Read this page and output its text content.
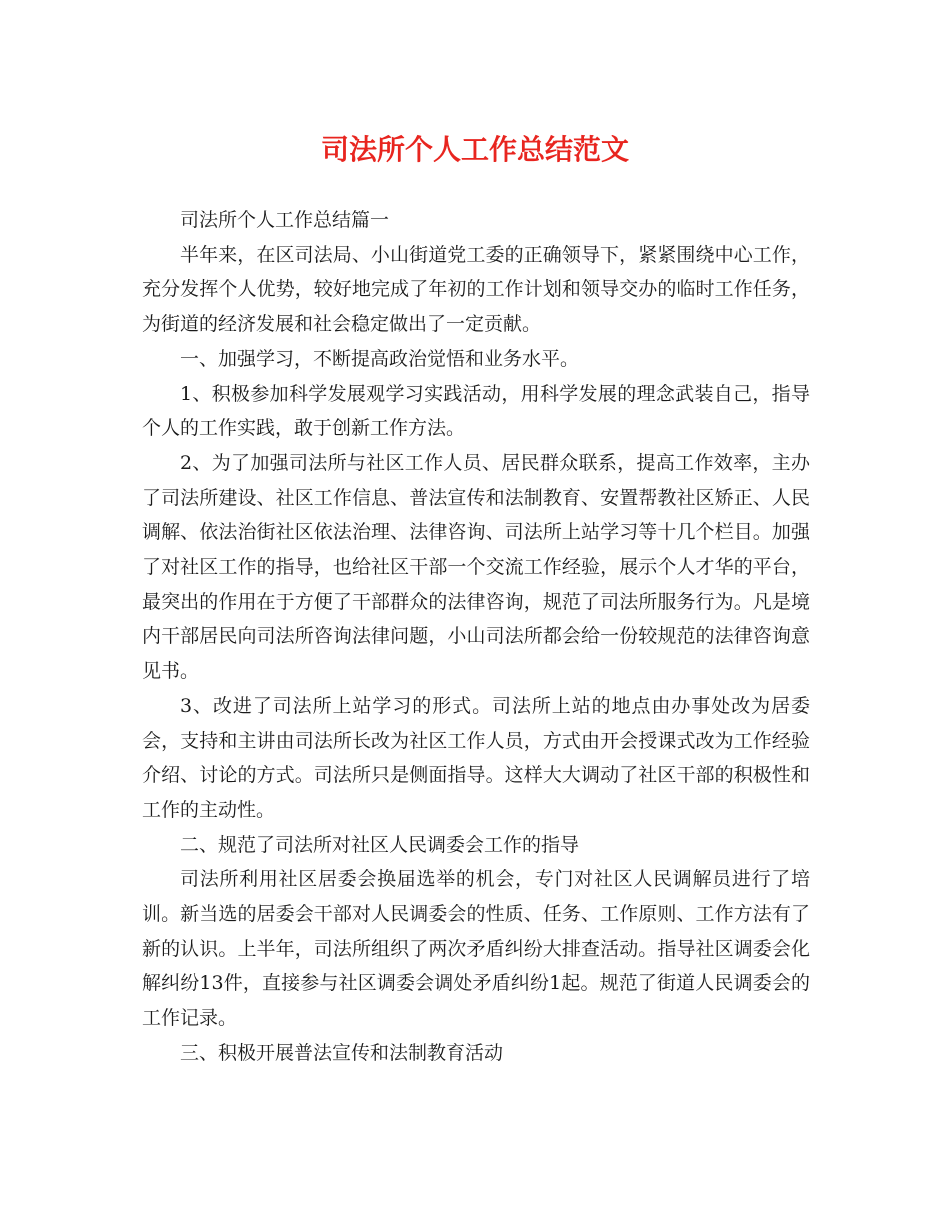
司法所个人工作总结范文

司法所个人工作总结篇一

半年来，在区司法局、小山街道党工委的正确领导下，紧紧围绕中心工作，充分发挥个人优势，较好地完成了年初的工作计划和领导交办的临时工作任务，为街道的经济发展和社会稳定做出了一定贡献。

一、加强学习，不断提高政治觉悟和业务水平。

1、积极参加科学发展观学习实践活动，用科学发展的理念武装自己，指导个人的工作实践，敢于创新工作方法。

2、为了加强司法所与社区工作人员、居民群众联系，提高工作效率，主办了司法所建设、社区工作信息、普法宣传和法制教育、安置帮教社区矫正、人民调解、依法治街社区依法治理、法律咨询、司法所上站学习等十几个栏目。加强了对社区工作的指导，也给社区干部一个交流工作经验，展示个人才华的平台，最突出的作用在于方便了干部群众的法律咨询，规范了司法所服务行为。凡是境内干部居民向司法所咨询法律问题，小山司法所都会给一份较规范的法律咨询意见书。

3、改进了司法所上站学习的形式。司法所上站的地点由办事处改为居委会，支持和主讲由司法所长改为社区工作人员，方式由开会授课式改为工作经验介绍、讨论的方式。司法所只是侧面指导。这样大大调动了社区干部的积极性和工作的主动性。

二、规范了司法所对社区人民调委会工作的指导

司法所利用社区居委会换届选举的机会，专门对社区人民调解员进行了培训。新当选的居委会干部对人民调委会的性质、任务、工作原则、工作方法有了新的认识。上半年，司法所组织了两次矛盾纠纷大排查活动。指导社区调委会化解纠纷13件，直接参与社区调委会调处矛盾纠纷1起。规范了街道人民调委会的工作记录。

三、积极开展普法宣传和法制教育活动
